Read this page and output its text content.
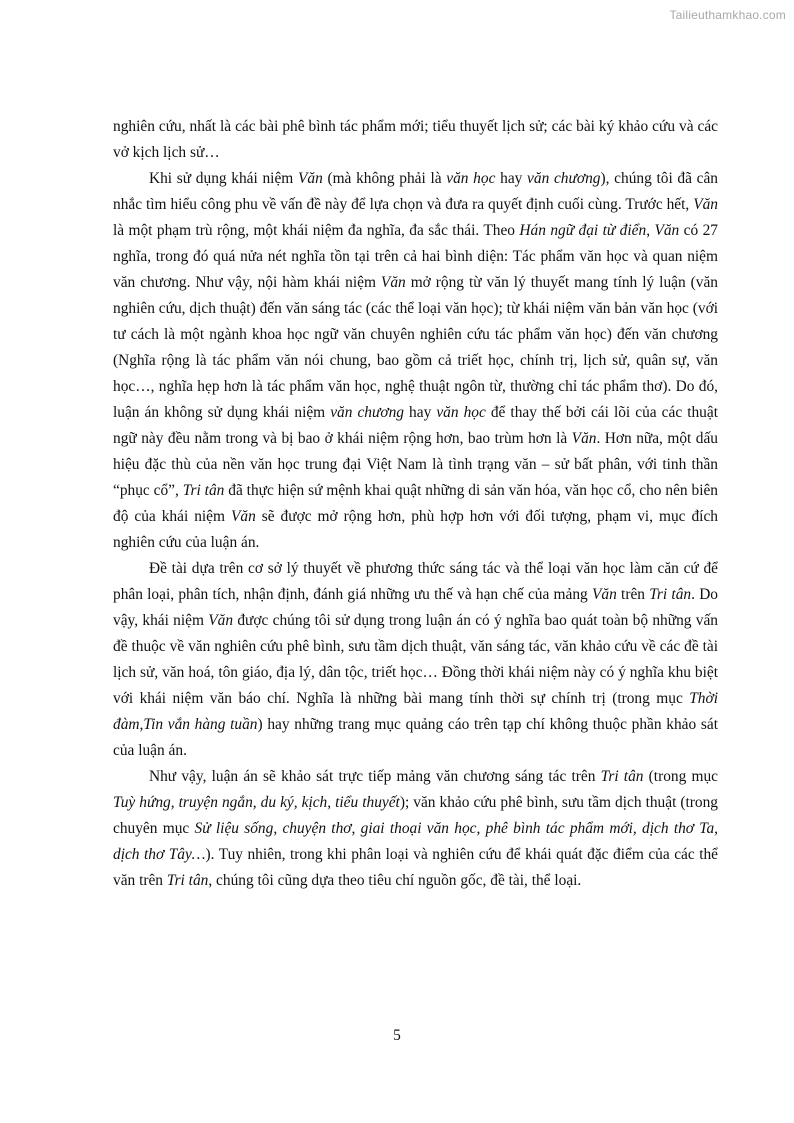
Tailieuthamkhao.com

nghiên cứu, nhất là các bài phê bình tác phẩm mới; tiểu thuyết lịch sử; các bài ký khảo cứu và các vở kịch lịch sử…

Khi sử dụng khái niệm Văn (mà không phải là văn học hay văn chương), chúng tôi đã cân nhắc tìm hiểu công phu về vấn đề này để lựa chọn và đưa ra quyết định cuối cùng. Trước hết, Văn là một phạm trù rộng, một khái niệm đa nghĩa, đa sắc thái. Theo Hán ngữ đại từ điển, Văn có 27 nghĩa, trong đó quá nửa nét nghĩa tồn tại trên cả hai bình diện: Tác phẩm văn học và quan niệm văn chương. Như vậy, nội hàm khái niệm Văn mở rộng từ văn lý thuyết mang tính lý luận (văn nghiên cứu, dịch thuật) đến văn sáng tác (các thể loại văn học); từ khái niệm văn bản văn học (với tư cách là một ngành khoa học ngữ văn chuyên nghiên cứu tác phẩm văn học) đến văn chương (Nghĩa rộng là tác phẩm văn nói chung, bao gồm cả triết học, chính trị, lịch sử, quân sự, văn học…, nghĩa hẹp hơn là tác phẩm văn học, nghệ thuật ngôn từ, thường chỉ tác phẩm thơ). Do đó, luận án không sử dụng khái niệm văn chương hay văn học để thay thế bởi cái lõi của các thuật ngữ này đều nằm trong và bị bao ở khái niệm rộng hơn, bao trùm hơn là Văn. Hơn nữa, một dấu hiệu đặc thù của nền văn học trung đại Việt Nam là tình trạng văn – sử bất phân, với tinh thần “phục cổ”, Tri tân đã thực hiện sứ mệnh khai quật những di sản văn hóa, văn học cổ, cho nên biên độ của khái niệm Văn sẽ được mở rộng hơn, phù hợp hơn với đối tượng, phạm vi, mục đích nghiên cứu của luận án.

Đề tài dựa trên cơ sở lý thuyết về phương thức sáng tác và thể loại văn học làm căn cứ để phân loại, phân tích, nhận định, đánh giá những ưu thế và hạn chế của mảng Văn trên Tri tân. Do vậy, khái niệm Văn được chúng tôi sử dụng trong luận án có ý nghĩa bao quát toàn bộ những vấn đề thuộc về văn nghiên cứu phê bình, sưu tầm dịch thuật, văn sáng tác, văn khảo cứu về các đề tài lịch sử, văn hoá, tôn giáo, địa lý, dân tộc, triết học… Đồng thời khái niệm này có ý nghĩa khu biệt với khái niệm văn báo chí. Nghĩa là những bài mang tính thời sự chính trị (trong mục Thời đàm,Tin vắn hàng tuần) hay những trang mục quảng cáo trên tạp chí không thuộc phần khảo sát của luận án.

Như vậy, luận án sẽ khảo sát trực tiếp mảng văn chương sáng tác trên Tri tân (trong mục Tuỳ hứng, truyện ngắn, du ký, kịch, tiểu thuyết); văn khảo cứu phê bình, sưu tầm dịch thuật (trong chuyên mục Sử liệu sống, chuyện thơ, giai thoại văn học, phê bình tác phẩm mới, dịch thơ Ta, dịch thơ Tây…). Tuy nhiên, trong khi phân loại và nghiên cứu để khái quát đặc điểm của các thể văn trên Tri tân, chúng tôi cũng dựa theo tiêu chí nguồn gốc, đề tài, thể loại.

5
